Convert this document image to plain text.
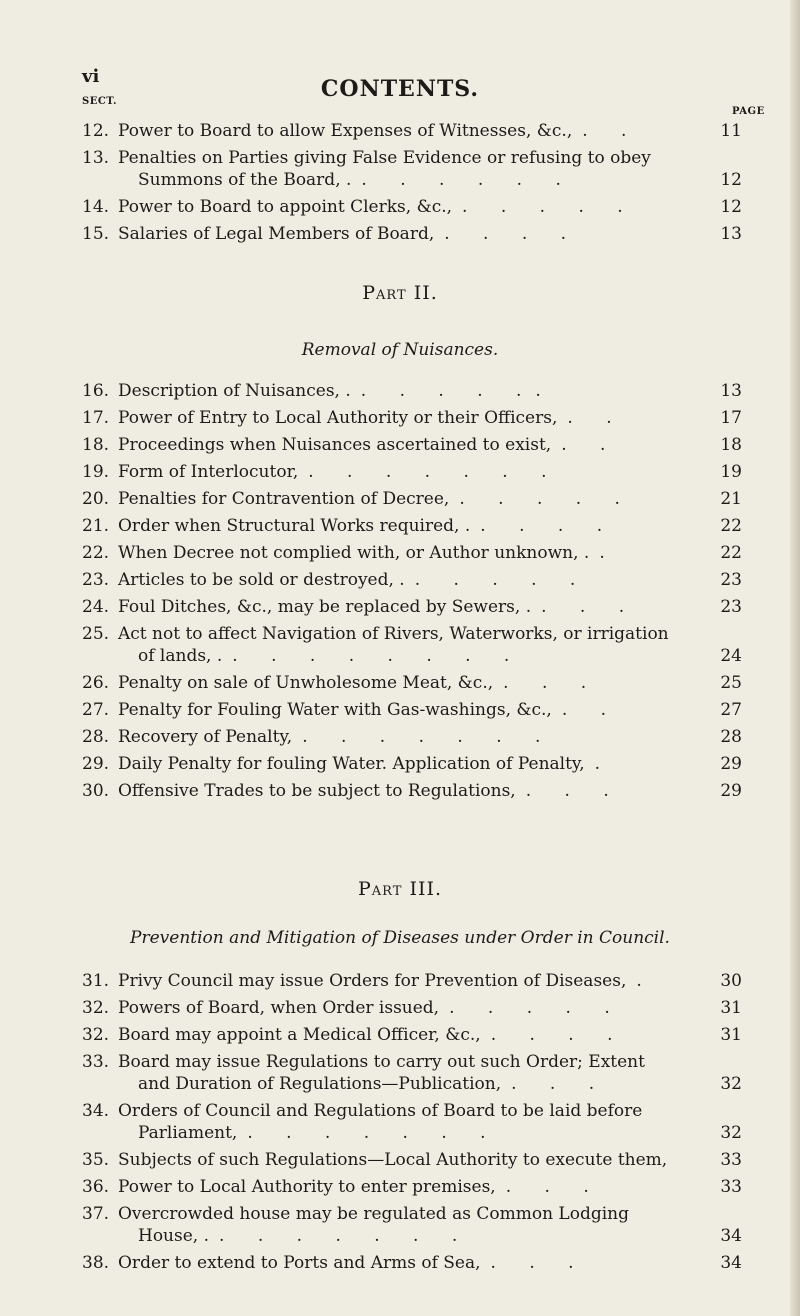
vi	CONTENTS.
SECT.
PAGE
12. Power to Board to allow Expenses of Witnesses, &c., . .	11
13. Penalties on Parties giving False Evidence or refusing to obey
Summons of the Board, . . . . . . .	12
14. Power to Board to appoint Clerks, &c., . . . . .	12
15. Salaries of Legal Members of Board, . . . .	13
Part II.
Removal of Nuisances.
16. Description of Nuisances, . . . . . ..	13
17. Power of Entry to Local Authority or their Officers, . .	17
18. Proceedings when Nuisances ascertained to exist, . .	18
19. Form of Interlocutor, . . . . . . .	19
20. Penalties for Contravention of Decree, . . . . .	21
21. Order when Structural Works required, . . . . .	22
22. When Decree not complied with, or Author unknown, . .	22
23. Articles to be sold or destroyed, . . . . . .	23
24. Foul Ditches, &c., may be replaced by Sewers, . . . .	23
25. Act not to affect Navigation of Rivers, Waterworks, or irrigation
of lands, . . . . . . . . .	24
26. Penalty on sale of Unwholesome Meat, &c., . . .	25
27. Penalty for Fouling Water with Gas-washings, &c., . .	27
28. Recovery of Penalty, . . . . . . .	28
29. Daily Penalty for fouling Water. Application of Penalty, .	29
30. Offensive Trades to be subject to Regulations, . . .	29
Part III.
Prevention and Mitigation of Diseases under Order in Council.
31. Privy Council may issue Orders for Prevention of Diseases, .	30
32. Powers of Board, when Order issued, . . . . .	31
32. Board may appoint a Medical Officer, &c., . . . .	31
33. Board may issue Regulations to carry out such Order; Extent
and Duration of Regulations—Publication, . . .	32
34. Orders of Council and Regulations of Board to be laid before
Parliament, . . . . . . .	32
35. Subjects of such Regulations—Local Authority to execute them,	33
36. Power to Local Authority to enter premises, . . .	33
37. Overcrowded house may be regulated as Common Lodging
House, . . . . . . . .	34
38. Order to extend to Ports and Arms of Sea, . . .	34
